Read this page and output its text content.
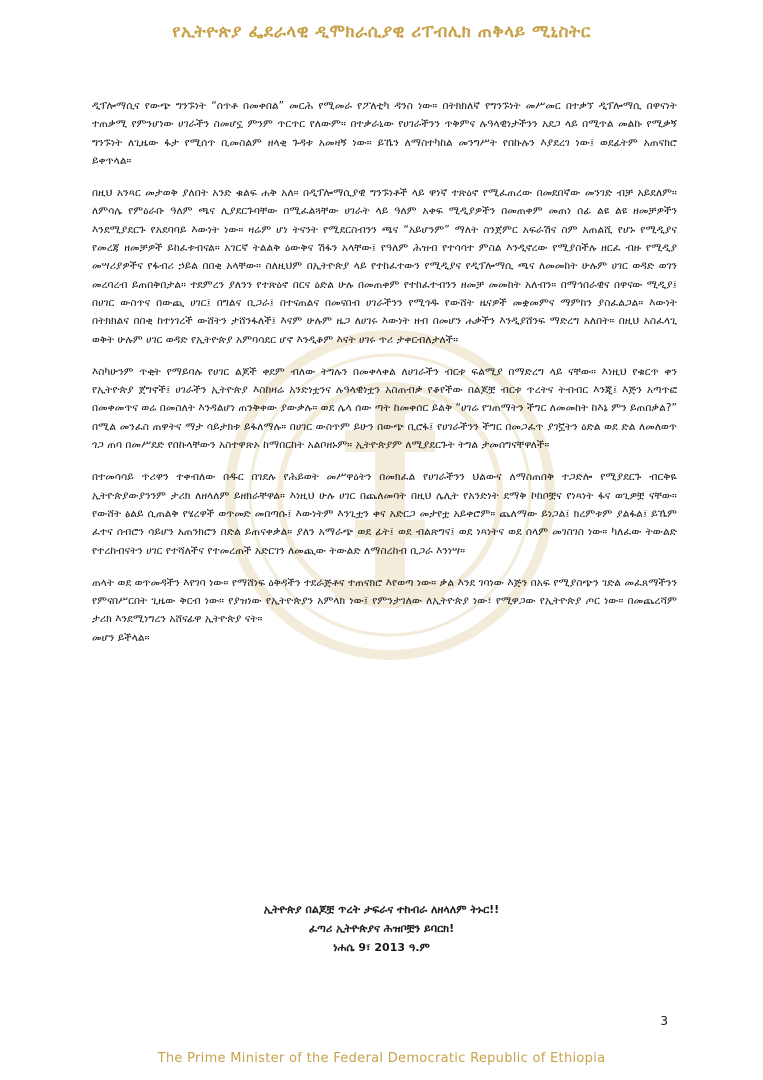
የኢትዮጵያ ፌደራላዊ ዲሞክራሲያዊ ሪፐብሊክ ጠቅላይ ሚኒስትር

ዲፕሎማሲና የውጭ ግንኙነት “ሰጥቶ በመቀበል” መርሕ የሚመራ የፖለቲካ ዳንስ ነው። በትክክለኛ የግንኙነት መሥመር በተቃኘ ዲፕሎማሲ በዋናነት ተጠቃሚ የምንሆነው ሀገራችን ስመሆኗ ምንም ጥርጥር የለውም። በተቃራኒው የሀገራችንን ጥቅምና ሉዓላዊነታችንን አደጋ ላይ በሚጥል መልኩ የሚቃኝ ግንኙነት ለጊዜው ፋታ የሚሰጥ ቢመስልም ዘላቂ ጉዳቱ አመዛኝ ነው። ይኼን ለማስተካከል መንግሥት የበኩሉን እያደረገ ነው፤ ወደፊትም አጠናክሮ ይቀጥላል።

በዚህ አንጻር መታወቅ ያለበት አንድ ቁልፍ ሐቅ አለ። በዲፕሎማሲያዊ ግንኙነቶች ላይ ዋነኛ ተጽዕኖ የሚፈጠረው በመደበኛው መንገድ ብቻ አይደለም። ለምሳሌ የምዕራቡ ዓለም ጫና ሊያደርጉባቸው በሚፈልጓቸው ሀገራት ላይ ዓለም አቀፍ ሚዲያዎችን በመጠቀም መጠነ ሰፊ ልዩ ልዩ ዘመቻዎችን እንደሚያደርጉ የአደባባይ እውነት ነው። ዛሬም ሆነ ትናንት የሚደርስብንን ጫና “አይሆንም” ማለት ስንጀምር አፍራሽና ስም አጠልሺ የሆኑ የሚዲያና የመረጃ ዘመቻዎች ይከፈቱብናል። አገርኛ ትልልቅ ዕውቅና ሽፋን አላቸው፤ የዓለም ሕዝብ የተሳሳተ ምስል እንዲኖረው የሚያስችሉ ዘርፈ ብዙ የሚዲያ መሣሪያዎችና የፋብሪ ኃይል በበቂ አላቸው። ስለዚህም በኢትዮጵያ ላይ የተከፈተውን የሚዲያና የዲፕሎማሲ ጫና ለመመከት ሁሉም ሀገር ወዳድ ወገን መረባረብ ይጠበቅበታል። ተደምረን ያለንን የተጽዕኖ በርና ዕድል ሁሉ በመጠቀም የተከፈተብንን ዘመቻ መመከት አለብን። በማኅበራዊና በዋናው ሚዲያ፤ በሀገር ውስጥና በውጪ ሀገር፤ በግልና ቢጋራ፤ በተናጠልና በመናበብ ሀገራችንን የሚጎዱ የውሸት ዜናዎች መቋመምና ማምከን ያስፈልጋል። እውነት በትክክልና በበቂ ከተነገረች ውሸትን ታሸንፋለች፤ እናም ሁሉም ዜጋ ለሀገሩ እውነት ዘብ በመሆን ሐቃችን እንዲያሸንፍ ማድረግ አለበት። በዚህ አስፈላጊ ወቅት ሁሉም ሀገር ወዳድ የኢትዮጵያ አምባሳደር ሆኖ እንዲቆም እናት ሀገሩ ጥሪ ታቀርብለታለች።

እስካሁንም ጥቂት የማይባሉ የሀገር ልጆች ቀደም ብለው ትግሉን በመቀላቀል ለሀገራችን ብርቱ ፍልሚያ በማድረግ ላይ ናቸው። እነዚህ የቁርጥ ቀን የኢትዮጵያ ጀግኖች፤ ሀገራችን ኢትዮጵያ እስከዛሬ አንድነቷንና ሉዓላዊነቷን አስጠብቃ የቆየችው በልጆቿ ብርቱ ጥረትና ትብብር እንጂ፤ እጅን አጣጥፎ በመቀመጥና ወሬ በመስለት እንዳልሆነ ጠንቅቀው ያውቃሉ። ወደ ሌላ ሰው ጣት ከመቀሰር ይልቅ “ሀገሬ የገጠማትን ችግር ለመመከት ከእኔ ምን ይጠበቃል?” በሚል መንፈስ ጠዋትና ማታ ሳይታክቱ ይፋለማሉ። በሀገር ውስጥም ይሁን በውጭ ቢሮፋ፤ የሀገራችንን ችግር በመጋፈጥ ያገኟትን ዕድል ወደ ድል ለመለወጥ ጎጋ ጠባ በመሥደድ የበኩላቸውን አስተዋጽኦ ከማበርከት አልቦዘኑም። ኢትዮጵያም ለሚያደርጉት ትግል ታመሰግናቸዋለች።

በተመሳሳይ ጥሪዋን ተቀብለው በዱር በገደሉ የሕይወት መሥዋዕትን በመክፈል የሀገራችንን ህልውና ለማስጠበቅ ተጋድሎ የሚያደርጉ ብርቅዬ ኢትዮጵያውያንንም ታሪክ ለዘላለም ይዘክራቸዋል። እነዚህ ሁሉ ሀገር በጨለመባት በዚህ ሌሊት የአንድነት ደማቅ ኮከቦቿና የነጻነት ፋና ወጊዎቿ ናቸው። የውሸት ፅልይ ሲጠልቅ የሄረዋች ወጥመድ መበጣሱ፤ እውነትም እንጊቷን ቀና አድርጋ መታየቷ አይቀሮም። ጨለማው ይነጋል፤ ክረምቱም ያልፋል፤ ይኼም ፈተና ሰብሮን ሳይሆን አጠንክሮን በድል ይጠናቀቃል። ያለን አማራጭ ወደ ፊት፤ ወደ ብልጽግና፤ ወደ ነጻነትና ወደ ሰላም መገስገስ ነው። ካለፈው ትውልድ የተረከብናትን ሀገር የተሻለችና የተመረጠች አድርገን ለመጪው ትውልድ ለማስረከብ ቢጋራ እንነሣ።

ጠላት ወደ ወጥመዳችን እየገባ ነው። የማሸነፍ ዕቅዳችን ተደራጅቶና ተጠናክሮ እየወጣ ነው። ቃል እንደ ገባነው እጅን በአፍ የሚያስጭን ገድል መፈጸማችንን የምናበሥርበት ጊዜው ቅርብ ነው። የያዝነው የኢትዮጵያን አምላክ ነው፤ የምንታገለው ለኢትዮጵያ ነው፣ የሚዋጋው የኢትዮጵያ ጦር ነው። በመጨረሻም ታሪክ እንደሚነግረን አሸናፊዋ ኢትዮጵያ ናት።

መሆን ይችላል።

ኢትዮጵያ በልጆቿ ጥረት ታፍራና ተከብራ ለዘላለም ትኑር!!
ፈጣሪ ኢትዮጵያና ሕዝቦቿን ይባርክ!
ነሐሴ 9፣ 2013 ዓ.ም
3
The Prime Minister of the Federal Democratic Republic of Ethiopia
